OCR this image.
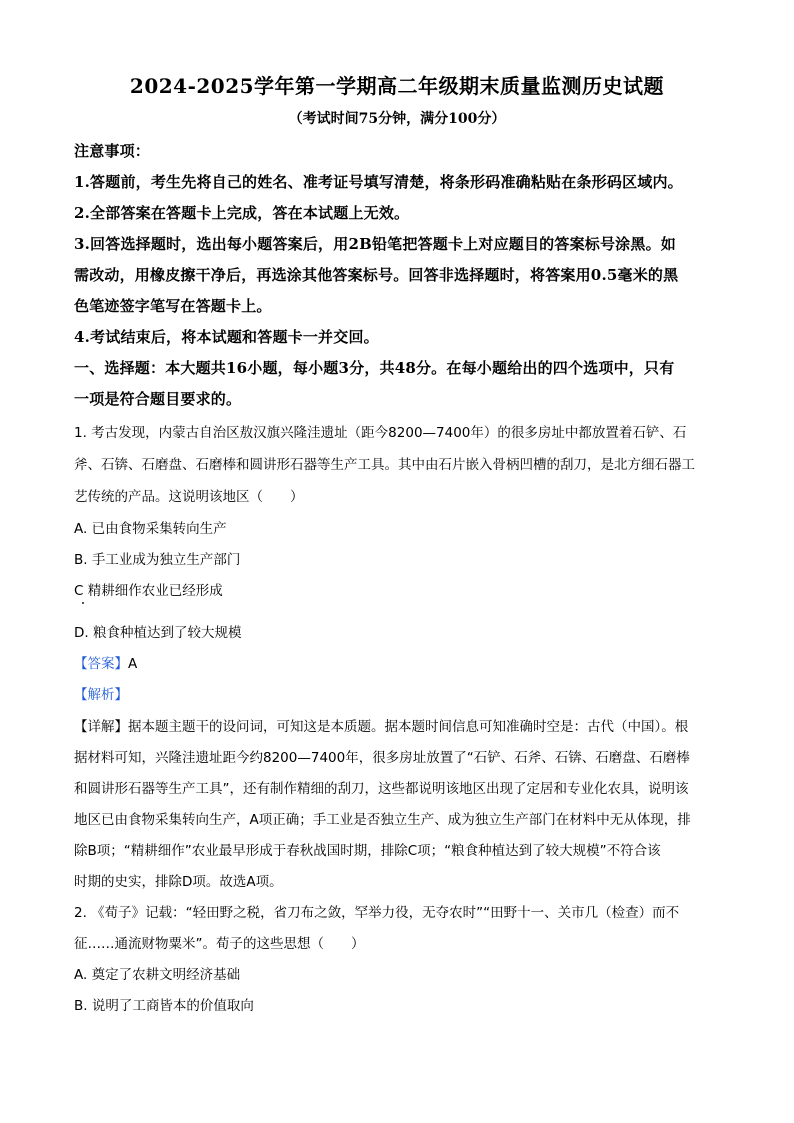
2024-2025学年第一学期高二年级期末质量监测历史试题
（考试时间75分钟，满分100分）
注意事项：
1.答题前，考生先将自己的姓名、准考证号填写清楚，将条形码准确粘贴在条形码区域内。
2.全部答案在答题卡上完成，答在本试题上无效。
3.回答选择题时，选出每小题答案后，用2B铅笔把答题卡上对应题目的答案标号涂黑。如
需改动，用橡皮擦干净后，再选涂其他答案标号。回答非选择题时，将答案用0.5毫米的黑
色笔迹签字笔写在答题卡上。
4.考试结束后，将本试题和答题卡一并交回。
一、选择题：本大题共16小题，每小题3分，共48分。在每小题给出的四个选项中，只有
一项是符合题目要求的。
1. 考古发现，内蒙古自治区敖汉旗兴隆洼遗址（距今8200—7400年）的很多房址中都放置着石铲、石
斧、石锛、石磨盘、石磨棒和圆讲形石器等生产工具。其中由石片嵌入骨柄凹槽的刮刀，是北方细石器工
艺传统的产品。这说明该地区（　　）
A. 已由食物采集转向生产
B. 手工业成为独立生产部门
C 精耕细作农业已经形成
D. 粮食种植达到了较大规模
【答案】A
【解析】
【详解】据本题主题干的设问词，可知这是本质题。据本题时间信息可知准确时空是：古代（中国）。根
据材料可知，兴隆洼遗址距今约8200—7400年，很多房址放置了“石铲、石斧、石锛、石磨盘、石磨棒
和圆讲形石器等生产工具”，还有制作精细的刮刀，这些都说明该地区出现了定居和专业化农具，说明该
地区已由食物采集转向生产，A项正确；手工业是否独立生产、成为独立生产部门在材料中无从体现，排
除B项；“精耕细作”农业最早形成于春秋战国时期，排除C项；“粮食种植达到了较大规模”不符合该
时期的史实，排除D项。故选A项。
2. 《荀子》记载：“轻田野之税，省刀布之敛，罕举力役，无夺农时”“田野十一、关市几（检查）而不
征……通流财物粟米”。荀子的这些思想（　　）
A. 奠定了农耕文明经济基础
B. 说明了工商皆本的价值取向
